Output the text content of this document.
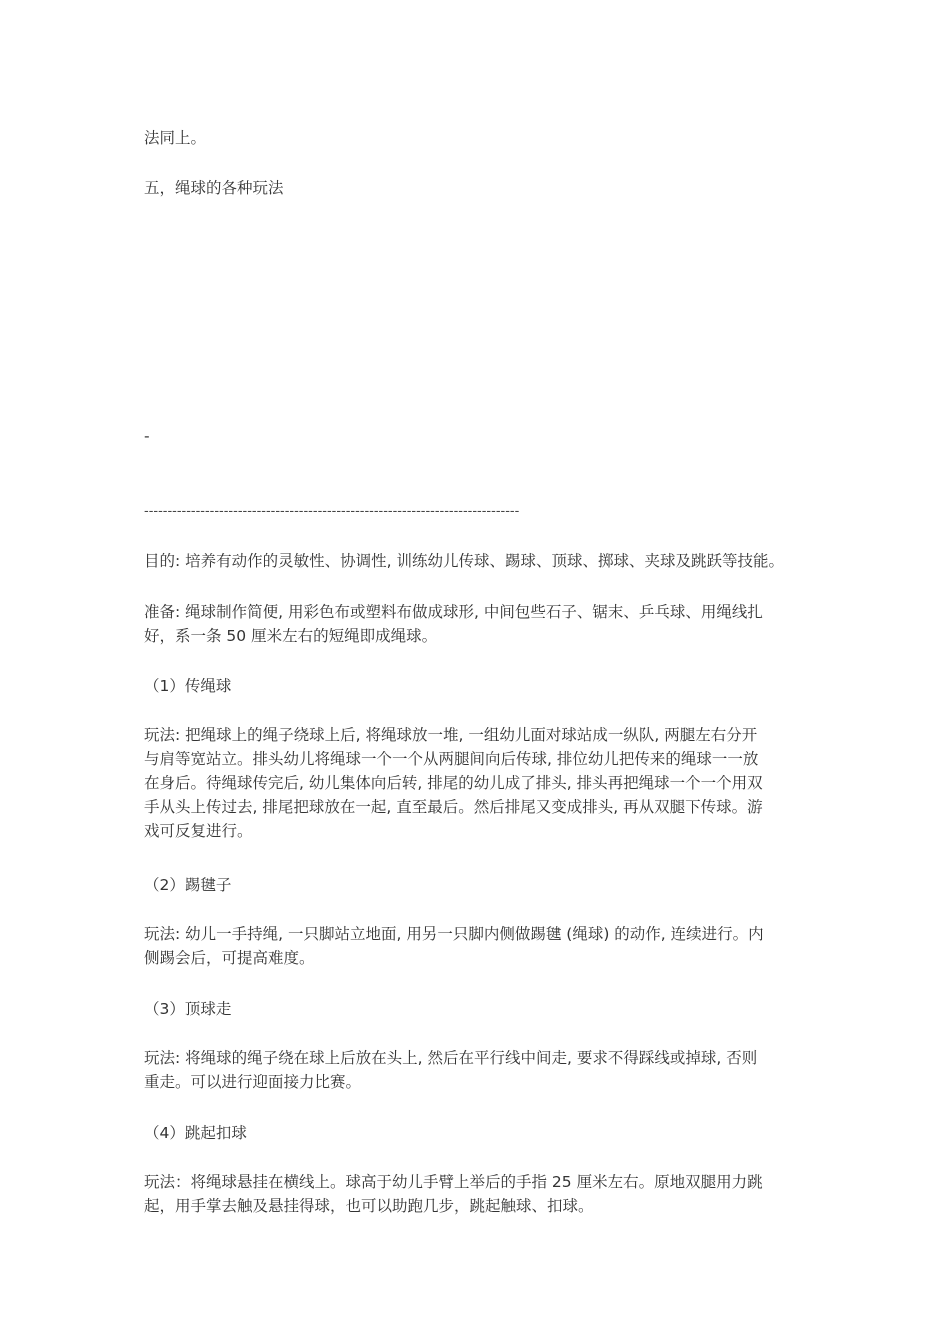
法同上。

五，绳球的各种玩法

-

--------------------------------------------------------------------------------

目的: 培养有动作的灵敏性、协调性, 训练幼儿传球、踢球、顶球、掷球、夹球及跳跃等技能。

准备: 绳球制作简便, 用彩色布或塑料布做成球形, 中间包些石子、锯末、乒乓球、用绳线扎
好，系一条 50 厘米左右的短绳即成绳球。

（1）传绳球

玩法: 把绳球上的绳子绕球上后, 将绳球放一堆, 一组幼儿面对球站成一纵队, 两腿左右分开
与肩等宽站立。排头幼儿将绳球一个一个从两腿间向后传球, 排位幼儿把传来的绳球一一放
在身后。待绳球传完后, 幼儿集体向后转, 排尾的幼儿成了排头, 排头再把绳球一个一个用双
手从头上传过去, 排尾把球放在一起, 直至最后。然后排尾又变成排头, 再从双腿下传球。游
戏可反复进行。

（2）踢毽子

玩法: 幼儿一手持绳, 一只脚站立地面, 用另一只脚内侧做踢毽 (绳球) 的动作, 连续进行。内
侧踢会后，可提高难度。

（3）顶球走

玩法: 将绳球的绳子绕在球上后放在头上, 然后在平行线中间走, 要求不得踩线或掉球, 否则
重走。可以进行迎面接力比赛。

（4）跳起扣球

玩法：将绳球悬挂在横线上。球高于幼儿手臂上举后的手指 25 厘米左右。原地双腿用力跳
起，用手掌去触及悬挂得球，也可以助跑几步，跳起触球、扣球。
